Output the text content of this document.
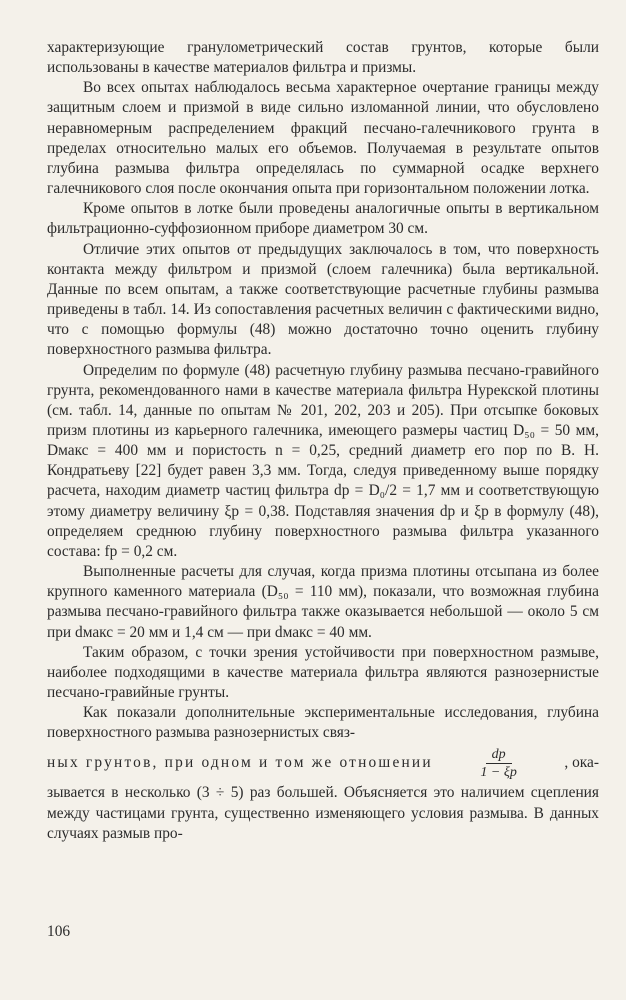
характеризующие гранулометрический состав грунтов, которые были использованы в качестве материалов фильтра и призмы.

Во всех опытах наблюдалось весьма характерное очертание границы между защитным слоем и призмой в виде сильно изломанной линии, что обусловлено неравномерным распределением фракций песчано-галечникового грунта в пределах относительно малых его объемов. Получаемая в результате опытов глубина размыва фильтра определялась по суммарной осадке верхнего галечникового слоя после окончания опыта при горизонтальном положении лотка.

Кроме опытов в лотке были проведены аналогичные опыты в вертикальном фильтрационно-суффозионном приборе диаметром 30 см.

Отличие этих опытов от предыдущих заключалось в том, что поверхность контакта между фильтром и призмой (слоем галечника) была вертикальной. Данные по всем опытам, а также соответствующие расчетные глубины размыва приведены в табл. 14. Из сопоставления расчетных величин с фактическими видно, что с помощью формулы (48) можно достаточно точно оценить глубину поверхностного размыва фильтра.

Определим по формуле (48) расчетную глубину размыва песчано-гравийного грунта, рекомендованного нами в качестве материала фильтра Нурекской плотины (см. табл. 14, данные по опытам № 201, 202, 203 и 205). При отсыпке боковых призм плотины из карьерного галечника, имеющего размеры частиц D₅₀ = 50 мм, Dмакс = 400 мм и пористость n = 0,25, средний диаметр его пор по В. Н. Кондратьеву [22] будет равен 3,3 мм. Тогда, следуя приведенному выше порядку расчета, находим диаметр частиц фильтра dр = D₀/2 = 1,7 мм и соответствующую этому диаметру величину ξр = 0,38. Подставляя значения dр и ξр в формулу (48), определяем среднюю глубину поверхностного размыва фильтра указанного состава: fр = 0,2 см.

Выполненные расчеты для случая, когда призма плотины отсыпана из более крупного каменного материала (D₅₀ = 110 мм), показали, что возможная глубина размыва песчано-гравийного фильтра также оказывается небольшой — около 5 см при dмакс = 20 мм и 1,4 см — при dмакс = 40 мм.

Таким образом, с точки зрения устойчивости при поверхностном размыве, наиболее подходящими в качестве материала фильтра являются разнозернистые песчано-гравийные грунты.

Как показали дополнительные экспериментальные исследования, глубина поверхностного размыва разнозернистых связ-

ных грунтов, при одном и том же отношении	$\frac{dр}{1 - \xi р}$	, ока-

зывается в несколько (3 ÷ 5) раз большей. Объясняется это наличием сцепления между частицами грунта, существенно изменяющего условия размыва. В данных случаях размыв про-

106
